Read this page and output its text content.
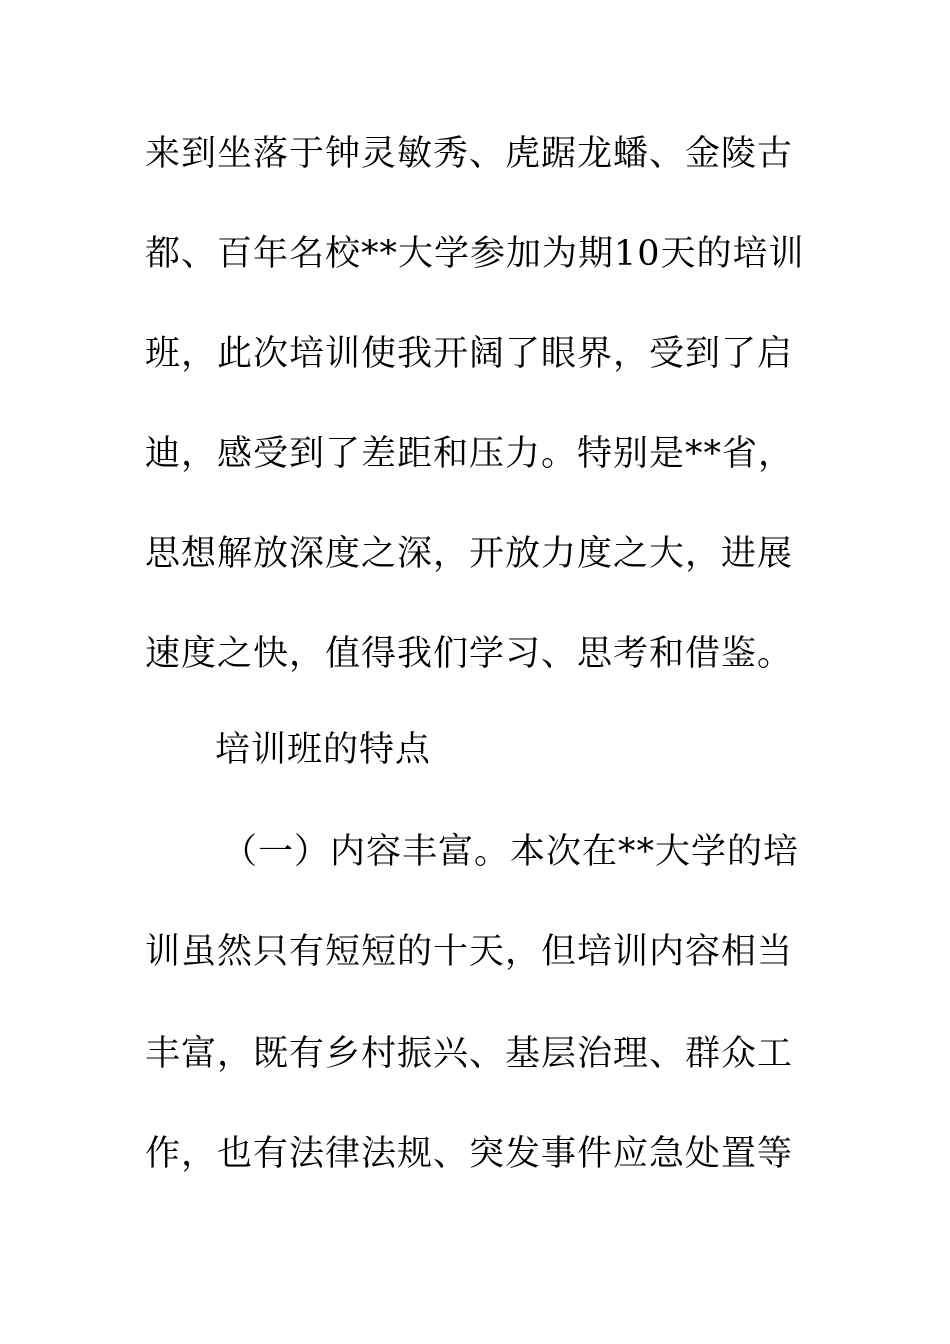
来到坐落于钟灵敏秀、虎踞龙蟠、金陵古
都、百年名校**大学参加为期10天的培训
班，此次培训使我开阔了眼界，受到了启
迪，感受到了差距和压力。特别是**省，
思想解放深度之深，开放力度之大，进展
速度之快，值得我们学习、思考和借鉴。
培训班的特点
（一）内容丰富。本次在**大学的培
训虽然只有短短的十天，但培训内容相当
丰富，既有乡村振兴、基层治理、群众工
作，也有法律法规、突发事件应急处置等
